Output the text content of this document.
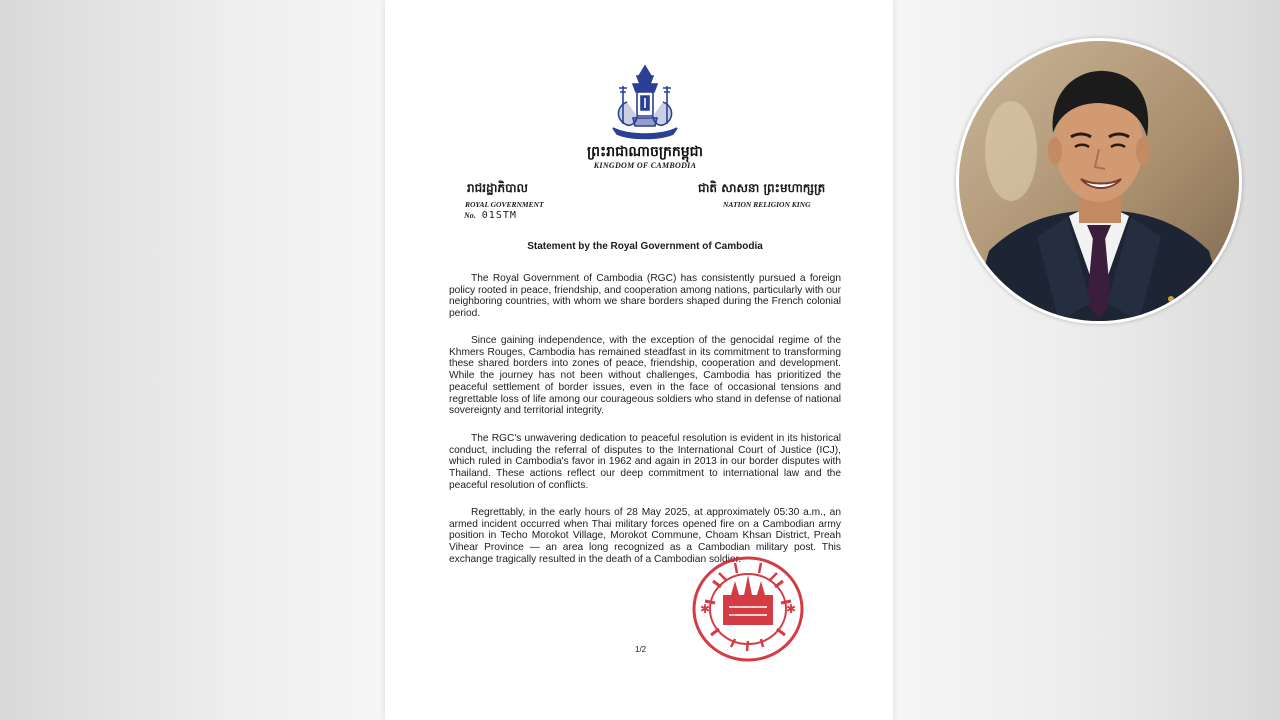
ព្រះរាជាណាចក្រកម្ពុជា
KINGDOM OF CAMBODIA
រាជរដ្ឋាភិបាល
ROYAL GOVERNMENT
No. 01STM
ជាតិ សាសនា ព្រះមហាក្សត្រ
NATION RELIGION KING
Statement by the Royal Government of Cambodia

The Royal Government of Cambodia (RGC) has consistently pursued a foreign policy rooted in peace, friendship, and cooperation among nations, particularly with our neighboring countries, with whom we share borders shaped during the French colonial period.

Since gaining independence, with the exception of the genocidal regime of the Khmers Rouges, Cambodia has remained steadfast in its commitment to transforming these shared borders into zones of peace, friendship, cooperation and development. While the journey has not been without challenges, Cambodia has prioritized the peaceful settlement of border issues, even in the face of occasional tensions and regrettable loss of life among our courageous soldiers who stand in defense of national sovereignty and territorial integrity.

The RGC's unwavering dedication to peaceful resolution is evident in its historical conduct, including the referral of disputes to the International Court of Justice (ICJ), which ruled in Cambodia's favor in 1962 and again in 2013 in our border disputes with Thailand. These actions reflect our deep commitment to international law and the peaceful resolution of conflicts.

Regrettably, in the early hours of 28 May 2025, at approximately 05:30 a.m., an armed incident occurred when Thai military forces opened fire on a Cambodian army position in Techo Morokot Village, Morokot Commune, Choam Khsan District, Preah Vihear Province — an area long recognized as a Cambodian military post. This exchange tragically resulted in the death of a Cambodian soldier.

✱	✱
1/2
